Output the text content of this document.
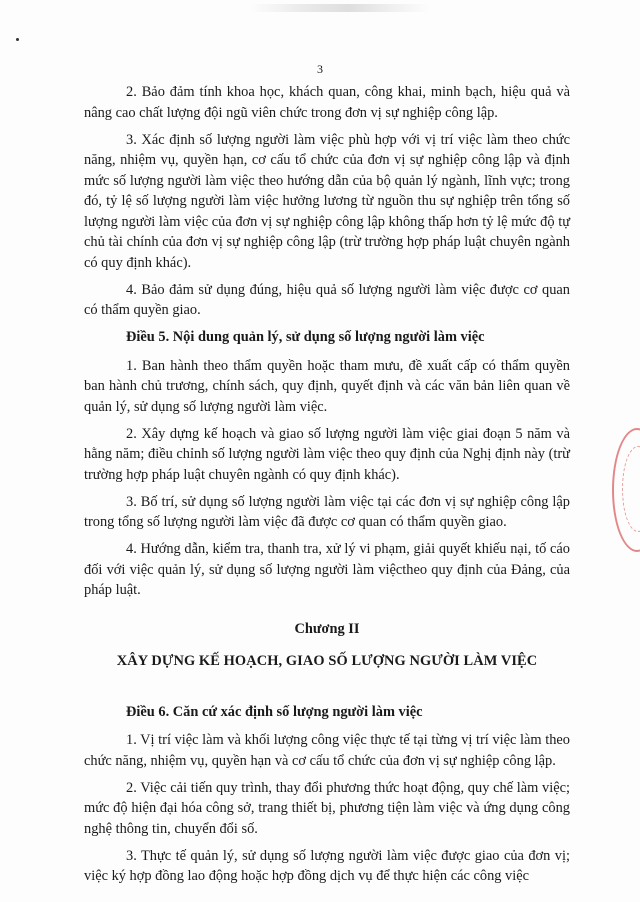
3

2. Bảo đảm tính khoa học, khách quan, công khai, minh bạch, hiệu quả và nâng cao chất lượng đội ngũ viên chức trong đơn vị sự nghiệp công lập.

3. Xác định số lượng người làm việc phù hợp với vị trí việc làm theo chức năng, nhiệm vụ, quyền hạn, cơ cấu tổ chức của đơn vị sự nghiệp công lập và định mức số lượng người làm việc theo hướng dẫn của bộ quản lý ngành, lĩnh vực; trong đó, tỷ lệ số lượng người làm việc hưởng lương từ nguồn thu sự nghiệp trên tổng số lượng người làm việc của đơn vị sự nghiệp công lập không thấp hơn tỷ lệ mức độ tự chủ tài chính của đơn vị sự nghiệp công lập (trừ trường hợp pháp luật chuyên ngành có quy định khác).

4. Bảo đảm sử dụng đúng, hiệu quả số lượng người làm việc được cơ quan có thẩm quyền giao.

Điều 5. Nội dung quản lý, sử dụng số lượng người làm việc

1. Ban hành theo thẩm quyền hoặc tham mưu, đề xuất cấp có thẩm quyền ban hành chủ trương, chính sách, quy định, quyết định và các văn bản liên quan về quản lý, sử dụng số lượng người làm việc.

2. Xây dựng kế hoạch và giao số lượng người làm việc giai đoạn 5 năm và hằng năm; điều chỉnh số lượng người làm việc theo quy định của Nghị định này (trừ trường hợp pháp luật chuyên ngành có quy định khác).

3. Bố trí, sử dụng số lượng người làm việc tại các đơn vị sự nghiệp công lập trong tổng số lượng người làm việc đã được cơ quan có thẩm quyền giao.

4. Hướng dẫn, kiểm tra, thanh tra, xử lý vi phạm, giải quyết khiếu nại, tố cáo đối với việc quản lý, sử dụng số lượng người làm việctheo quy định của Đảng, của pháp luật.

Chương II
XÂY DỰNG KẾ HOẠCH, GIAO SỐ LƯỢNG NGƯỜI LÀM VIỆC

Điều 6. Căn cứ xác định số lượng người làm việc

1. Vị trí việc làm và khối lượng công việc thực tế tại từng vị trí việc làm theo chức năng, nhiệm vụ, quyền hạn và cơ cấu tổ chức của đơn vị sự nghiệp công lập.

2. Việc cải tiến quy trình, thay đổi phương thức hoạt động, quy chế làm việc; mức độ hiện đại hóa công sở, trang thiết bị, phương tiện làm việc và ứng dụng công nghệ thông tin, chuyển đổi số.

3. Thực tế quản lý, sử dụng số lượng người làm việc được giao của đơn vị; việc ký hợp đồng lao động hoặc hợp đồng dịch vụ để thực hiện các công việc
